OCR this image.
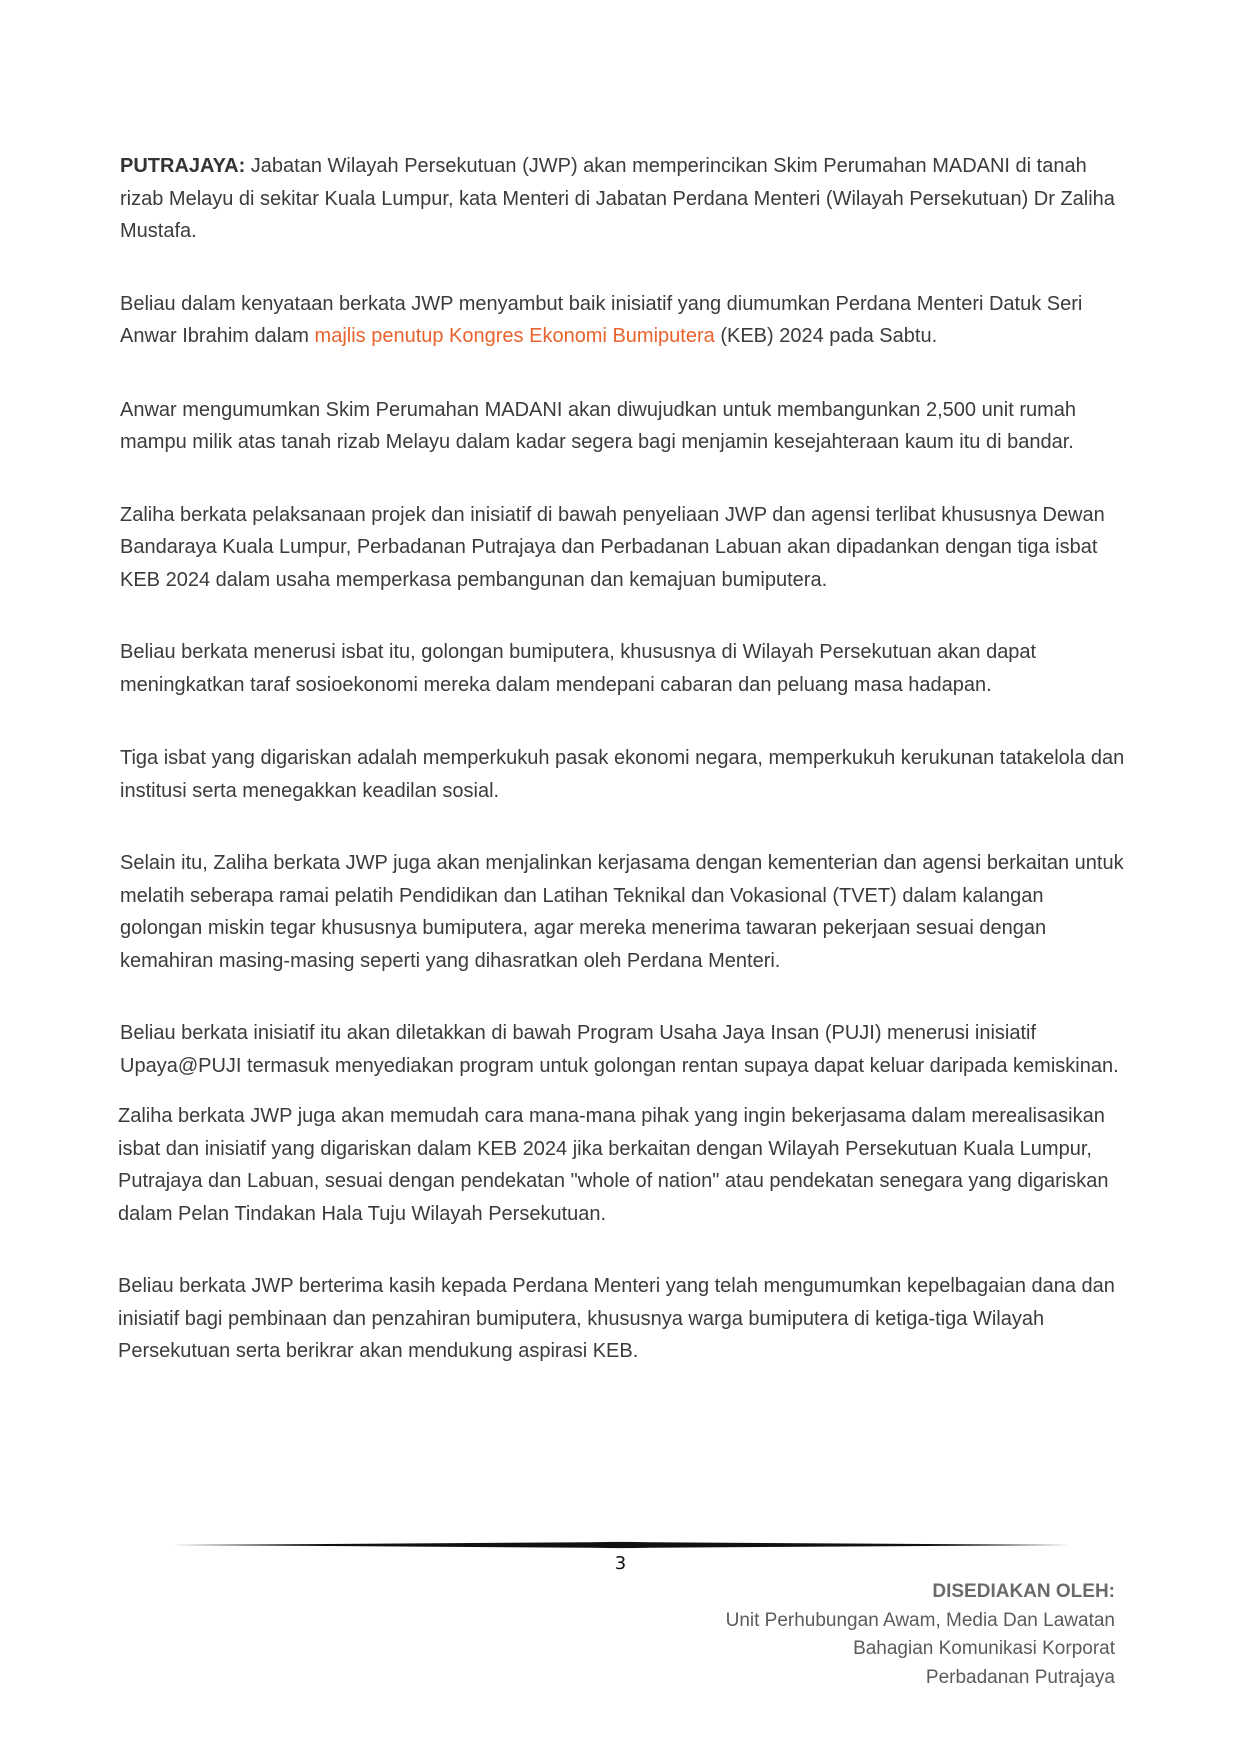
PUTRAJAYA: Jabatan Wilayah Persekutuan (JWP) akan memperincikan Skim Perumahan MADANI di tanah rizab Melayu di sekitar Kuala Lumpur, kata Menteri di Jabatan Perdana Menteri (Wilayah Persekutuan) Dr Zaliha Mustafa.

Beliau dalam kenyataan berkata JWP menyambut baik inisiatif yang diumumkan Perdana Menteri Datuk Seri Anwar Ibrahim dalam majlis penutup Kongres Ekonomi Bumiputera (KEB) 2024 pada Sabtu.

Anwar mengumumkan Skim Perumahan MADANI akan diwujudkan untuk membangunkan 2,500 unit rumah mampu milik atas tanah rizab Melayu dalam kadar segera bagi menjamin kesejahteraan kaum itu di bandar.

Zaliha berkata pelaksanaan projek dan inisiatif di bawah penyeliaan JWP dan agensi terlibat khususnya Dewan Bandaraya Kuala Lumpur, Perbadanan Putrajaya dan Perbadanan Labuan akan dipadankan dengan tiga isbat KEB 2024 dalam usaha memperkasa pembangunan dan kemajuan bumiputera.

Beliau berkata menerusi isbat itu, golongan bumiputera, khususnya di Wilayah Persekutuan akan dapat meningkatkan taraf sosioekonomi mereka dalam mendepani cabaran dan peluang masa hadapan.

Tiga isbat yang digariskan adalah memperkukuh pasak ekonomi negara, memperkukuh kerukunan tatakelola dan institusi serta menegakkan keadilan sosial.

Selain itu, Zaliha berkata JWP juga akan menjalinkan kerjasama dengan kementerian dan agensi berkaitan untuk melatih seberapa ramai pelatih Pendidikan dan Latihan Teknikal dan Vokasional (TVET) dalam kalangan golongan miskin tegar khususnya bumiputera, agar mereka menerima tawaran pekerjaan sesuai dengan kemahiran masing-masing seperti yang dihasratkan oleh Perdana Menteri.

Beliau berkata inisiatif itu akan diletakkan di bawah Program Usaha Jaya Insan (PUJI) menerusi inisiatif Upaya@PUJI termasuk menyediakan program untuk golongan rentan supaya dapat keluar daripada kemiskinan.

Zaliha berkata JWP juga akan memudah cara mana-mana pihak yang ingin bekerjasama dalam merealisasikan isbat dan inisiatif yang digariskan dalam KEB 2024 jika berkaitan dengan Wilayah Persekutuan Kuala Lumpur, Putrajaya dan Labuan, sesuai dengan pendekatan "whole of nation" atau pendekatan senegara yang digariskan dalam Pelan Tindakan Hala Tuju Wilayah Persekutuan.

Beliau berkata JWP berterima kasih kepada Perdana Menteri yang telah mengumumkan kepelbagaian dana dan inisiatif bagi pembinaan dan penzahiran bumiputera, khususnya warga bumiputera di ketiga-tiga Wilayah Persekutuan serta berikrar akan mendukung aspirasi KEB.

3
DISEDIAKAN OLEH:
Unit Perhubungan Awam, Media Dan Lawatan
Bahagian Komunikasi Korporat
Perbadanan Putrajaya
